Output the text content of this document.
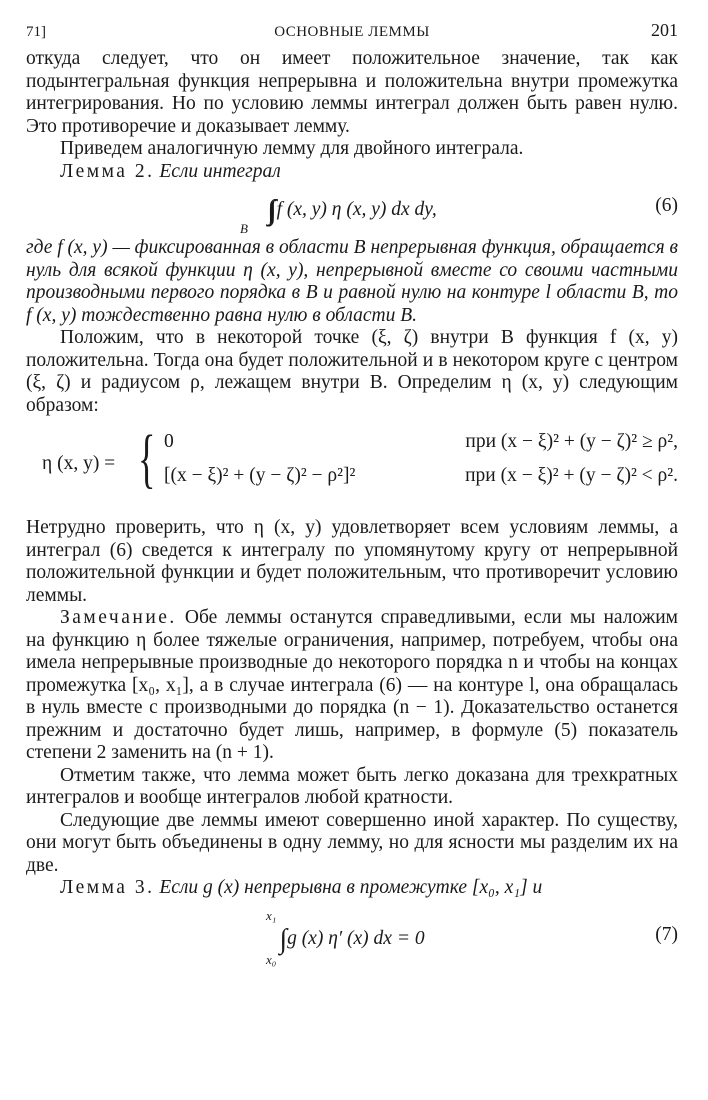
71]	ОСНОВНЫЕ ЛЕММЫ	201

откуда следует, что он имеет положительное значение, так как подынтегральная функция непрерывна и положительна внутри промежутка интегрирования. Но по условию леммы интеграл должен быть равен нулю. Это противоречие и доказывает лемму.

Приведем аналогичную лемму для двойного интеграла.

Лемма 2. Если интеграл

∫∫ f (x, y) η (x, y) dx dy,
B
(6)

где f (x, y) — фиксированная в области B непрерывная функция, обращается в нуль для всякой функции η (x, y), непрерывной вместе со своими частными производными первого порядка в B и равной нулю на контуре l области B, то f (x, y) тождественно равна нулю в области B.

Положим, что в некоторой точке (ξ, ζ) внутри B функция f (x, y) положительна. Тогда она будет положительной и в некотором круге с центром (ξ, ζ) и радиусом ρ, лежащем внутри B. Определим η (x, y) следующим образом:

η (x, y) = { 0	при (x − ξ)² + (y − ζ)² ≥ ρ²,
[(x − ξ)² + (y − ζ)² − ρ²]²	при (x − ξ)² + (y − ζ)² < ρ².

Нетрудно проверить, что η (x, y) удовлетворяет всем условиям леммы, а интеграл (6) сведется к интегралу по упомянутому кругу от непрерывной положительной функции и будет положительным, что противоречит условию леммы.

Замечание. Обе леммы останутся справедливыми, если мы наложим на функцию η более тяжелые ограничения, например, потребуем, чтобы она имела непрерывные производные до некоторого порядка n и чтобы на концах промежутка [x₀, x₁], а в случае интеграла (6) — на контуре l, она обращалась в нуль вместе с производными до порядка (n − 1). Доказательство останется прежним и достаточно будет лишь, например, в формуле (5) показатель степени 2 заменить на (n + 1).

Отметим также, что лемма может быть легко доказана для трехкратных интегралов и вообще интегралов любой кратности.

Следующие две леммы имеют совершенно иной характер. По существу, они могут быть объединены в одну лемму, но для ясности мы разделим их на две.

Лемма 3. Если g (x) непрерывна в промежутке [x₀, x₁] и

x₁
∫ g (x) η′ (x) dx = 0
x₀
(7)
